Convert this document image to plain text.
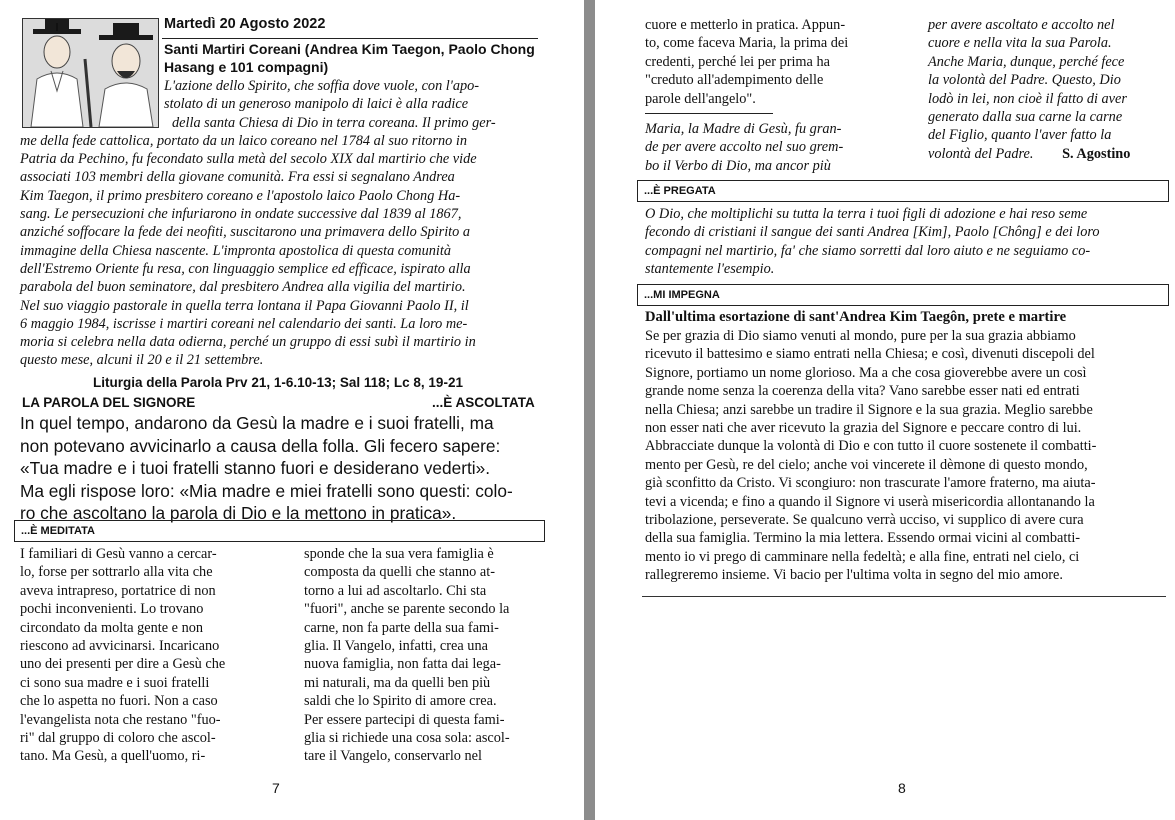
Martedì 20 Agosto 2022
Santi Martiri Coreani (Andrea Kim Taegon, Paolo Chong Hasang e 101 compagni)
L'azione dello Spirito, che soffia dove vuole, con l'apo-
stolato di un generoso manipolo di laici è alla radice
della santa Chiesa di Dio in terra coreana. Il primo ger-
me della fede cattolica, portato da un laico coreano nel 1784 al suo ritorno in
Patria da Pechino, fu fecondato sulla metà del secolo XIX dal martirio che vide
associati 103 membri della giovane comunità. Fra essi si segnalano Andrea
Kim Taegon, il primo presbitero coreano e l'apostolo laico Paolo Chong Ha-
sang. Le persecuzioni che infuriarono in ondate successive dal 1839 al 1867,
anziché soffocare la fede dei neofiti, suscitarono una primavera dello Spirito a
immagine della Chiesa nascente. L'impronta apostolica di questa comunità
dell'Estremo Oriente fu resa, con linguaggio semplice ed efficace, ispirato alla
parabola del buon seminatore, dal presbitero Andrea alla vigilia del martirio.
Nel suo viaggio pastorale in quella terra lontana il Papa Giovanni Paolo II, il
6 maggio 1984, iscrisse i martiri coreani nel calendario dei santi. La loro me-
moria si celebra nella data odierna, perché un gruppo di essi subì il martirio in
questo mese, alcuni il 20 e il 21 settembre.
Liturgia della Parola Prv 21, 1-6.10-13; Sal 118; Lc 8, 19-21
LA PAROLA DEL SIGNORE	...È ASCOLTATA
In quel tempo, andarono da Gesù la madre e i suoi fratelli, ma
non potevano avvicinarlo a causa della folla. Gli fecero sapere:
«Tua madre e i tuoi fratelli stanno fuori e desiderano vederti».
Ma egli rispose loro: «Mia madre e miei fratelli sono questi: colo-
ro che ascoltano la parola di Dio e la mettono in pratica».
...È MEDITATA
I familiari di Gesù vanno a cercar-
lo, forse per sottrarlo alla vita che
aveva intrapreso, portatrice di non
pochi inconvenienti. Lo trovano
circondato da molta gente e non
riescono ad avvicinarsi. Incaricano
uno dei presenti per dire a Gesù che
ci sono sua madre e i suoi fratelli
che lo aspetta no fuori. Non a caso
l'evangelista nota che restano "fuo-
ri" dal gruppo di coloro che ascol-
tano. Ma Gesù, a quell'uomo, ri-
sponde che la sua vera famiglia è
composta da quelli che stanno at-
torno a lui ad ascoltarlo. Chi sta
"fuori", anche se parente secondo la
carne, non fa parte della sua fami-
glia. Il Vangelo, infatti, crea una
nuova famiglia, non fatta dai lega-
mi naturali, ma da quelli ben più
saldi che lo Spirito di amore crea.
Per essere partecipi di questa fami-
glia si richiede una cosa sola: ascol-
tare il Vangelo, conservarlo nel
7
cuore e metterlo in pratica. Appun-
to, come faceva Maria, la prima dei
credenti, perché lei per prima ha
"creduto all'adempimento delle
parole dell'angelo".
Maria, la Madre di Gesù, fu gran-
de per avere accolto nel suo grem-
bo il Verbo di Dio, ma ancor più
per avere ascoltato e accolto nel
cuore e nella vita la sua Parola.
Anche Maria, dunque, perché fece
la volontà del Padre. Questo, Dio
lodò in lei, non cioè il fatto di aver
generato dalla sua carne la carne
del Figlio, quanto l'aver fatto la
volontà del Padre. S. Agostino
...È PREGATA
O Dio, che moltiplichi su tutta la terra i tuoi figli di adozione e hai reso seme
fecondo di cristiani il sangue dei santi Andrea [Kim], Paolo [Chông] e dei loro
compagni nel martirio, fa' che siamo sorretti dal loro aiuto e ne seguiamo co-
stantemente l'esempio.
...MI IMPEGNA
Dall'ultima esortazione di sant'Andrea Kim Taegôn, prete e martire
Se per grazia di Dio siamo venuti al mondo, pure per la sua grazia abbiamo
ricevuto il battesimo e siamo entrati nella Chiesa; e così, divenuti discepoli del
Signore, portiamo un nome glorioso. Ma a che cosa gioverebbe avere un così
grande nome senza la coerenza della vita? Vano sarebbe esser nati ed entrati
nella Chiesa; anzi sarebbe un tradire il Signore e la sua grazia. Meglio sarebbe
non esser nati che aver ricevuto la grazia del Signore e peccare contro di lui.
Abbracciate dunque la volontà di Dio e con tutto il cuore sostenete il combatti-
mento per Gesù, re del cielo; anche voi vincerete il dèmone di questo mondo,
già sconfitto da Cristo. Vi scongiuro: non trascurate l'amore fraterno, ma aiuta-
tevi a vicenda; e fino a quando il Signore vi userà misericordia allontanando la
tribolazione, perseverate. Se qualcuno verrà ucciso, vi supplico di avere cura
della sua famiglia. Termino la mia lettera. Essendo ormai vicini al combatti-
mento io vi prego di camminare nella fedeltà; e alla fine, entrati nel cielo, ci
rallegreremo insieme. Vi bacio per l'ultima volta in segno del mio amore.
8
